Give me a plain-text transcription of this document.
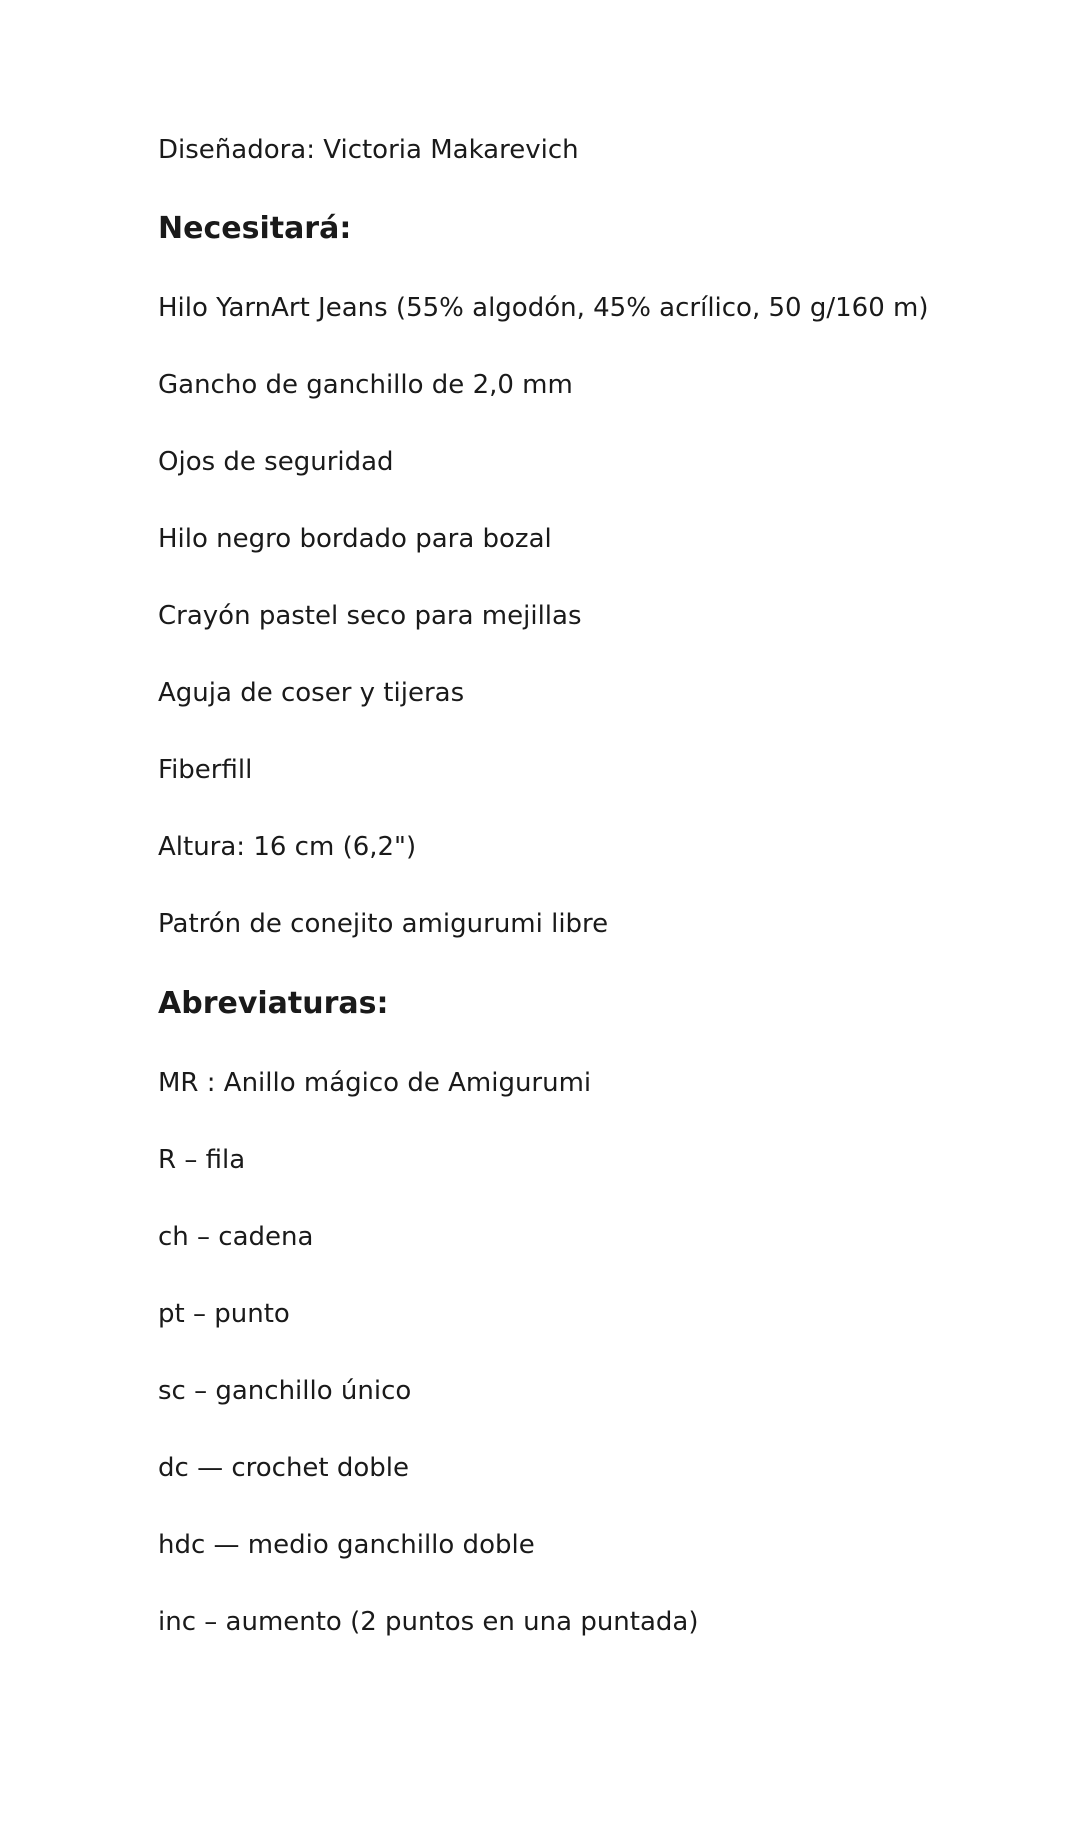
Diseñadora: Victoria Makarevich

Necesitará:

Hilo YarnArt Jeans (55% algodón, 45% acrílico, 50 g/160 m)

Gancho de ganchillo de 2,0 mm

Ojos de seguridad

Hilo negro bordado para bozal

Crayón pastel seco para mejillas

Aguja de coser y tijeras

Fiberfill

Altura: 16 cm (6,2")

Patrón de conejito amigurumi libre

Abreviaturas:

MR : Anillo mágico de Amigurumi

R – fila

ch – cadena

pt – punto

sc – ganchillo único

dc — crochet doble

hdc — medio ganchillo doble

inc – aumento (2 puntos en una puntada)
